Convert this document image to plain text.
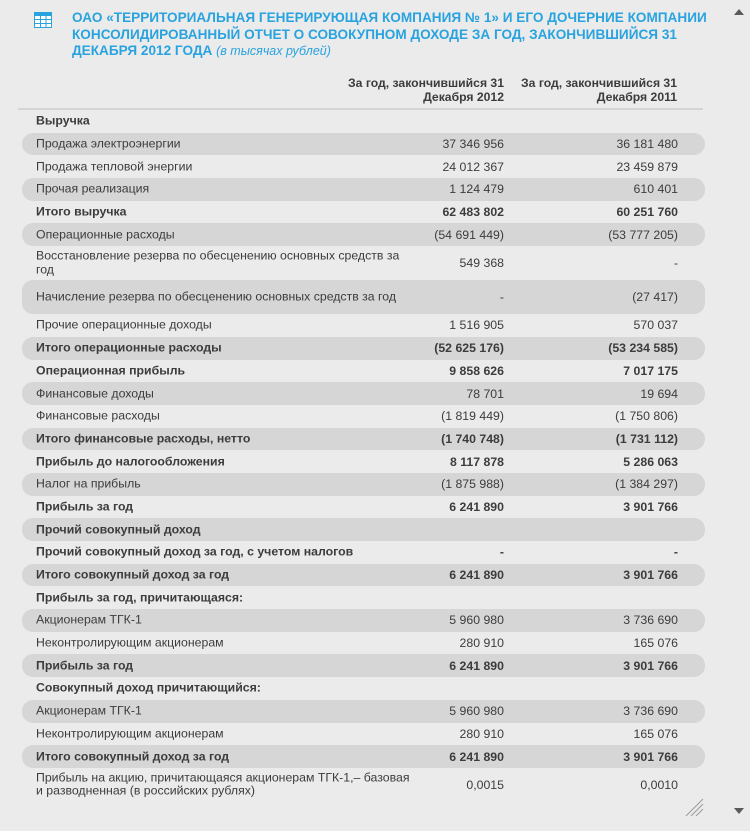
ОАО «ТЕРРИТОРИАЛЬНАЯ ГЕНЕРИРУЮЩАЯ КОМПАНИЯ № 1» И ЕГО ДОЧЕРНИЕ КОМПАНИИ КОНСОЛИДИРОВАННЫЙ ОТЧЕТ О СОВОКУПНОМ ДОХОДЕ ЗА ГОД, ЗАКОНЧИВШИЙСЯ 31 ДЕКАБРЯ 2012 ГОДА (в тысячах рублей)
За год, закончившийся 31 Декабря 2012
За год, закончившийся 31 Декабря 2011
Выручка
Продажа электроэнергии	37 346 956	36 181 480
Продажа тепловой энергии	24 012 367	23 459 879
Прочая реализация	1 124 479	610 401
Итого выручка	62 483 802	60 251 760
Операционные расходы	(54 691 449)	(53 777 205)
Восстановление резерва по обесценению основных средств за год	549 368	-
Начисление резерва по обесценению основных средств за год	-	(27 417)
Прочие операционные доходы	1 516 905	570 037
Итого операционные расходы	(52 625 176)	(53 234 585)
Операционная прибыль	9 858 626	7 017 175
Финансовые доходы	78 701	19 694
Финансовые расходы	(1 819 449)	(1 750 806)
Итого финансовые расходы, нетто	(1 740 748)	(1 731 112)
Прибыль до налогообложения	8 117 878	5 286 063
Налог на прибыль	(1 875 988)	(1 384 297)
Прибыль за год	6 241 890	3 901 766
Прочий совокупный доход
Прочий совокупный доход за год, с учетом налогов	-	-
Итого совокупный доход за год	6 241 890	3 901 766
Прибыль за год, причитающаяся:
Акционерам ТГК-1	5 960 980	3 736 690
Неконтролирующим акционерам	280 910	165 076
Прибыль за год	6 241 890	3 901 766
Совокупный доход причитающийся:
Акционерам ТГК-1	5 960 980	3 736 690
Неконтролирующим акционерам	280 910	165 076
Итого совокупный доход за год	6 241 890	3 901 766
Прибыль на акцию, причитающаяся акционерам ТГК-1,– базовая и разводненная (в российских рублях)	0,0015	0,0010
